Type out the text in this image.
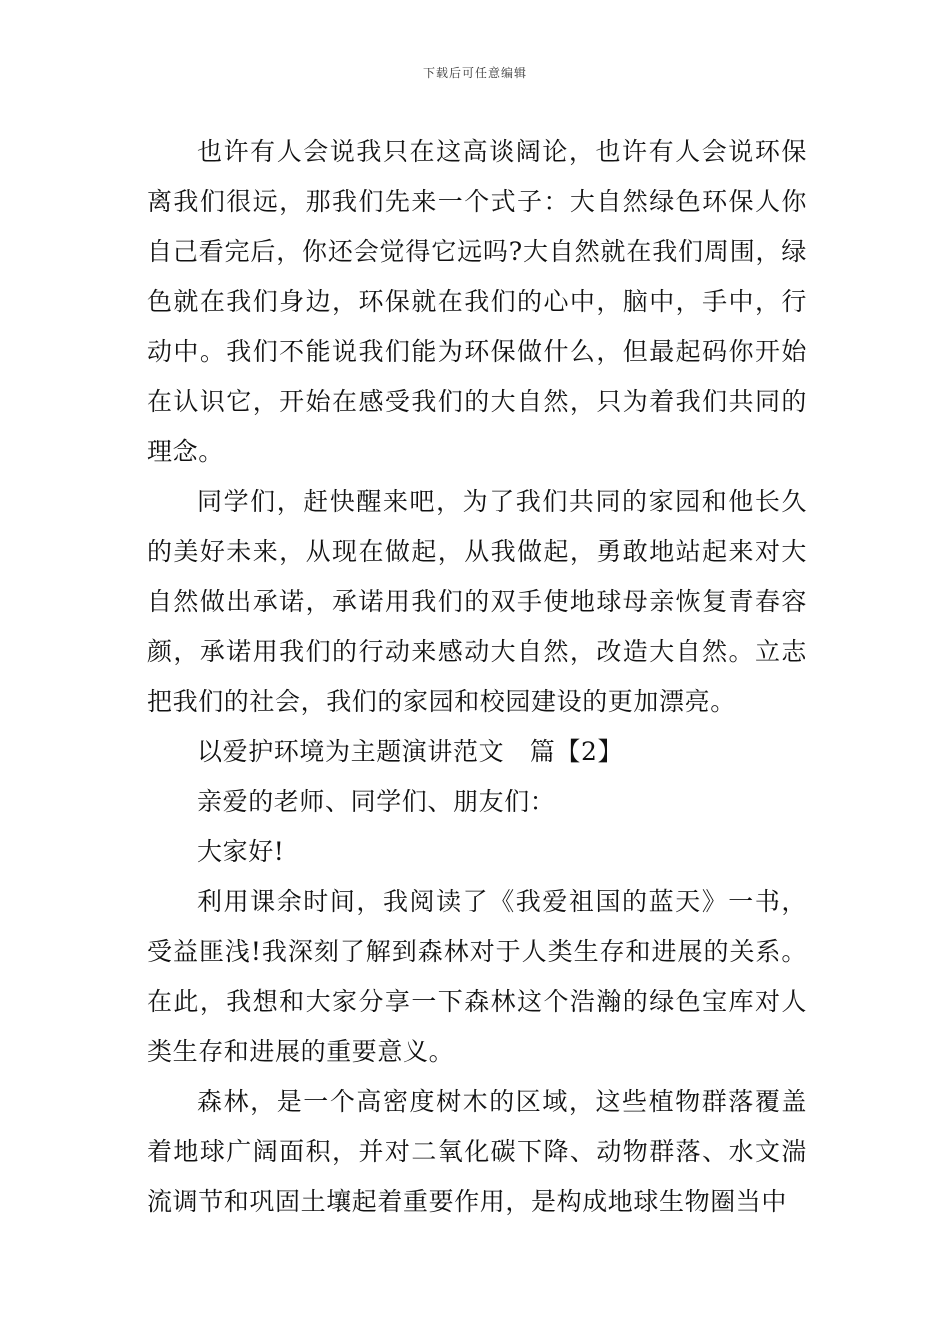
下载后可任意编辑

也许有人会说我只在这高谈阔论，也许有人会说环保离我们很远，那我们先来一个式子：大自然绿色环保人你自己看完后，你还会觉得它远吗?大自然就在我们周围，绿色就在我们身边，环保就在我们的心中，脑中，手中，行动中。我们不能说我们能为环保做什么，但最起码你开始在认识它，开始在感受我们的大自然，只为着我们共同的理念。

同学们，赶快醒来吧，为了我们共同的家园和他长久的美好未来，从现在做起，从我做起，勇敢地站起来对大自然做出承诺，承诺用我们的双手使地球母亲恢复青春容颜，承诺用我们的行动来感动大自然，改造大自然。立志把我们的社会，我们的家园和校园建设的更加漂亮。

以爱护环境为主题演讲范文　篇【2】

亲爱的老师、同学们、朋友们：

大家好!

利用课余时间，我阅读了《我爱祖国的蓝天》一书，受益匪浅!我深刻了解到森林对于人类生存和进展的关系。在此，我想和大家分享一下森林这个浩瀚的绿色宝库对人类生存和进展的重要意义。

森林，是一个高密度树木的区域，这些植物群落覆盖着地球广阔面积，并对二氧化碳下降、动物群落、水文湍流调节和巩固土壤起着重要作用，是构成地球生物圈当中
